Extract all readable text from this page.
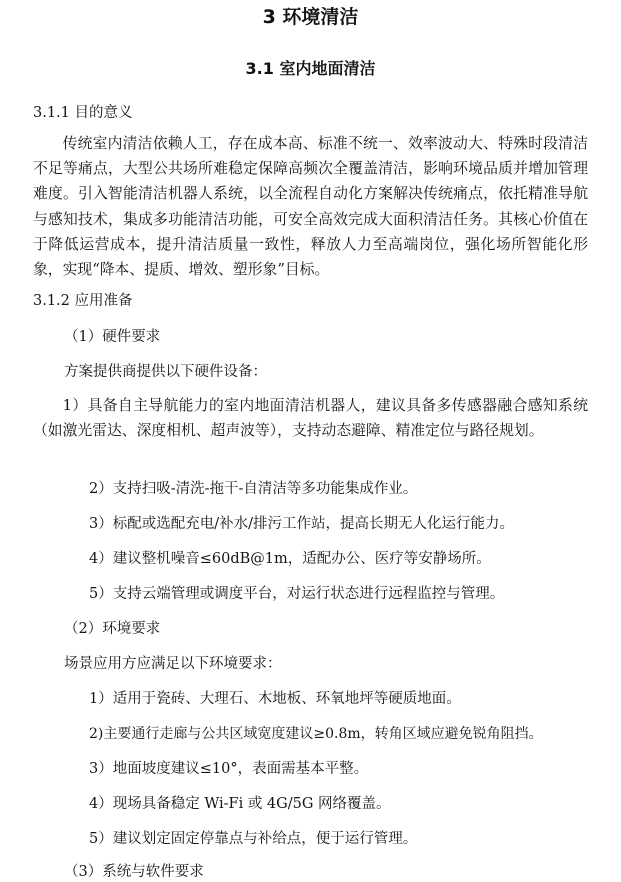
3 环境清洁
3.1 室内地面清洁
3.1.1 目的意义

传统室内清洁依赖人工，存在成本高、标准不统一、效率波动大、特殊时段清洁不足等痛点，大型公共场所难稳定保障高频次全覆盖清洁，影响环境品质并增加管理难度。引入智能清洁机器人系统，以全流程自动化方案解决传统痛点，依托精准导航与感知技术，集成多功能清洁功能，可安全高效完成大面积清洁任务。其核心价值在于降低运营成本，提升清洁质量一致性，释放人力至高端岗位，强化场所智能化形象，实现“降本、提质、增效、塑形象”目标。

3.1.2 应用准备
（1）硬件要求
方案提供商提供以下硬件设备：

1）具备自主导航能力的室内地面清洁机器人，建议具备多传感器融合感知系统（如激光雷达、深度相机、超声波等），支持动态避障、精准定位与路径规划。

2）支持扫吸-清洗-拖干-自清洁等多功能集成作业。
3）标配或选配充电/补水/排污工作站，提高长期无人化运行能力。
4）建议整机噪音≤60dB@1m，适配办公、医疗等安静场所。
5）支持云端管理或调度平台，对运行状态进行远程监控与管理。
（2）环境要求
场景应用方应满足以下环境要求：
1）适用于瓷砖、大理石、木地板、环氧地坪等硬质地面。
2)主要通行走廊与公共区域宽度建议≥0.8m，转角区域应避免锐角阻挡。
3）地面坡度建议≤10°，表面需基本平整。
4）现场具备稳定 Wi-Fi 或 4G/5G 网络覆盖。
5）建议划定固定停靠点与补给点，便于运行管理。
（3）系统与软件要求
